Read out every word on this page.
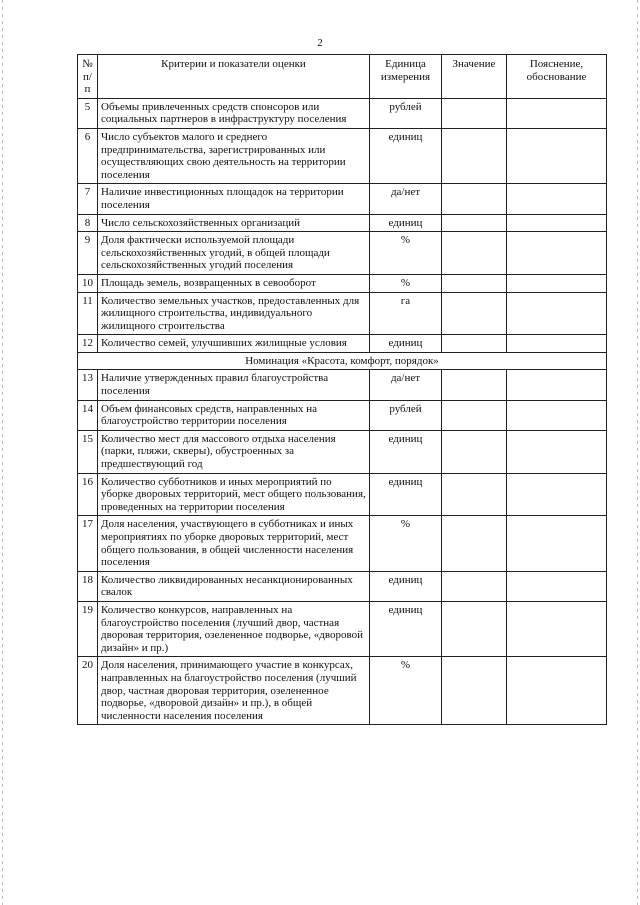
2
№ п/п	Критерии и показатели оценки	Единица измерения	Значение	Пояснение, обоснование
5	Объемы привлеченных средств спонсоров или социальных партнеров в инфраструктуру поселения	рублей		
6	Число субъектов малого и среднего предпринимательства, зарегистрированных или осуществляющих свою деятельность на территории поселения	единиц		
7	Наличие инвестиционных площадок на территории поселения	да/нет		
8	Число сельскохозяйственных организаций	единиц		
9	Доля фактически используемой площади сельскохозяйственных угодий, в общей площади сельскохозяйственных угодий поселения	%		
10	Площадь земель, возвращенных в севооборот	%		
11	Количество земельных участков, предоставленных для жилищного строительства, индивидуального жилищного строительства	га		
12	Количество семей, улучшивших жилищные условия	единиц		
Номинация «Красота, комфорт, порядок»				
13	Наличие утвержденных правил благоустройства поселения	да/нет		
14	Объем финансовых средств, направленных на благоустройство территории поселения	рублей		
15	Количество мест для массового отдыха населения (парки, пляжи, скверы), обустроенных за предшествующий год	единиц		
16	Количество субботников и иных мероприятий по уборке дворовых территорий, мест общего пользования, проведенных на территории поселения	единиц		
17	Доля населения, участвующего в субботниках и иных мероприятиях по уборке дворовых территорий, мест общего пользования, в общей численности населения поселения	%		
18	Количество ликвидированных несанкционированных свалок	единиц		
19	Количество конкурсов, направленных на благоустройство поселения (лучший двор, частная дворовая территория, озелененное подворье, «дворовой дизайн» и пр.)	единиц		
20	Доля населения, принимающего участие в конкурсах, направленных на благоустройство поселения (лучший двор, частная дворовая территория, озелененное подворье, «дворовой дизайн» и пр.), в общей численности населения поселения	%		
